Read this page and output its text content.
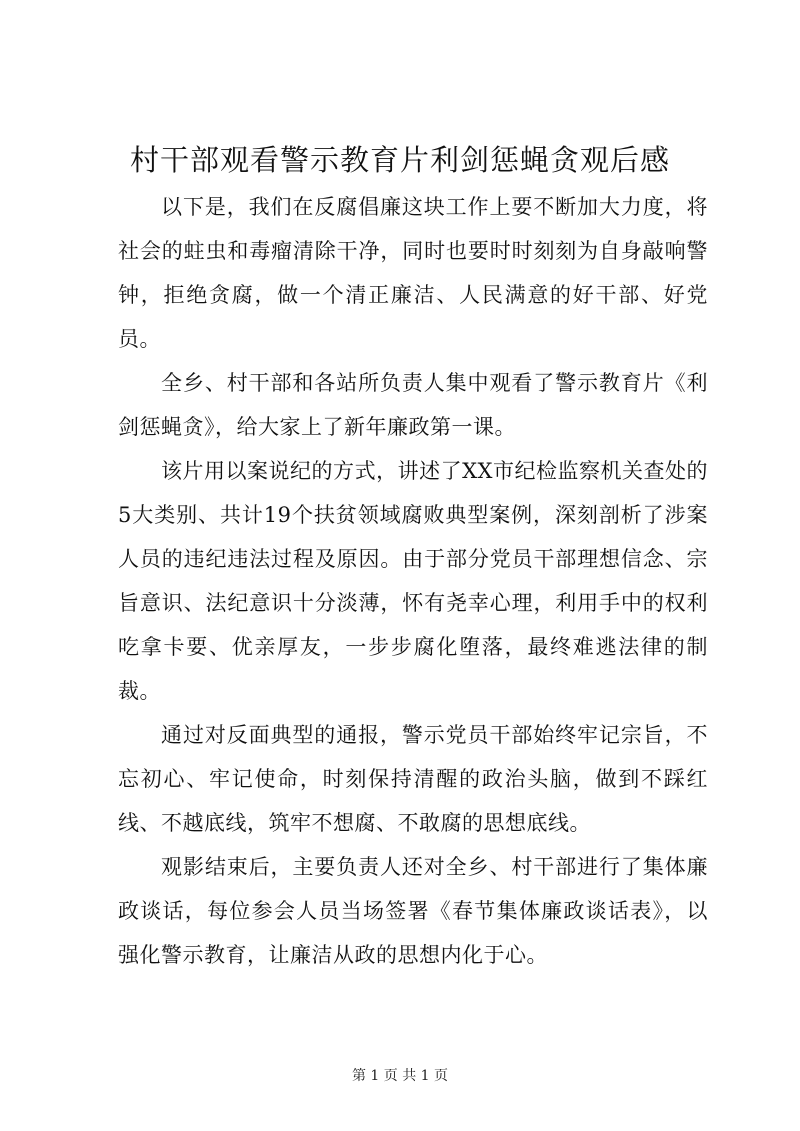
村干部观看警示教育片利剑惩蝇贪观后感

以下是，我们在反腐倡廉这块工作上要不断加大力度，将社会的蛀虫和毒瘤清除干净，同时也要时时刻刻为自身敲响警钟，拒绝贪腐，做一个清正廉洁、人民满意的好干部、好党员。

全乡、村干部和各站所负责人集中观看了警示教育片《利剑惩蝇贪》，给大家上了新年廉政第一课。

该片用以案说纪的方式，讲述了XX市纪检监察机关查处的5大类别、共计19个扶贫领域腐败典型案例，深刻剖析了涉案人员的违纪违法过程及原因。由于部分党员干部理想信念、宗旨意识、法纪意识十分淡薄，怀有尧幸心理，利用手中的权利吃拿卡要、优亲厚友，一步步腐化堕落，最终难逃法律的制裁。

通过对反面典型的通报，警示党员干部始终牢记宗旨，不忘初心、牢记使命，时刻保持清醒的政治头脑，做到不踩红线、不越底线，筑牢不想腐、不敢腐的思想底线。

观影结束后，主要负责人还对全乡、村干部进行了集体廉政谈话，每位参会人员当场签署《春节集体廉政谈话表》，以强化警示教育，让廉洁从政的思想内化于心。

第 1 页 共 1 页
